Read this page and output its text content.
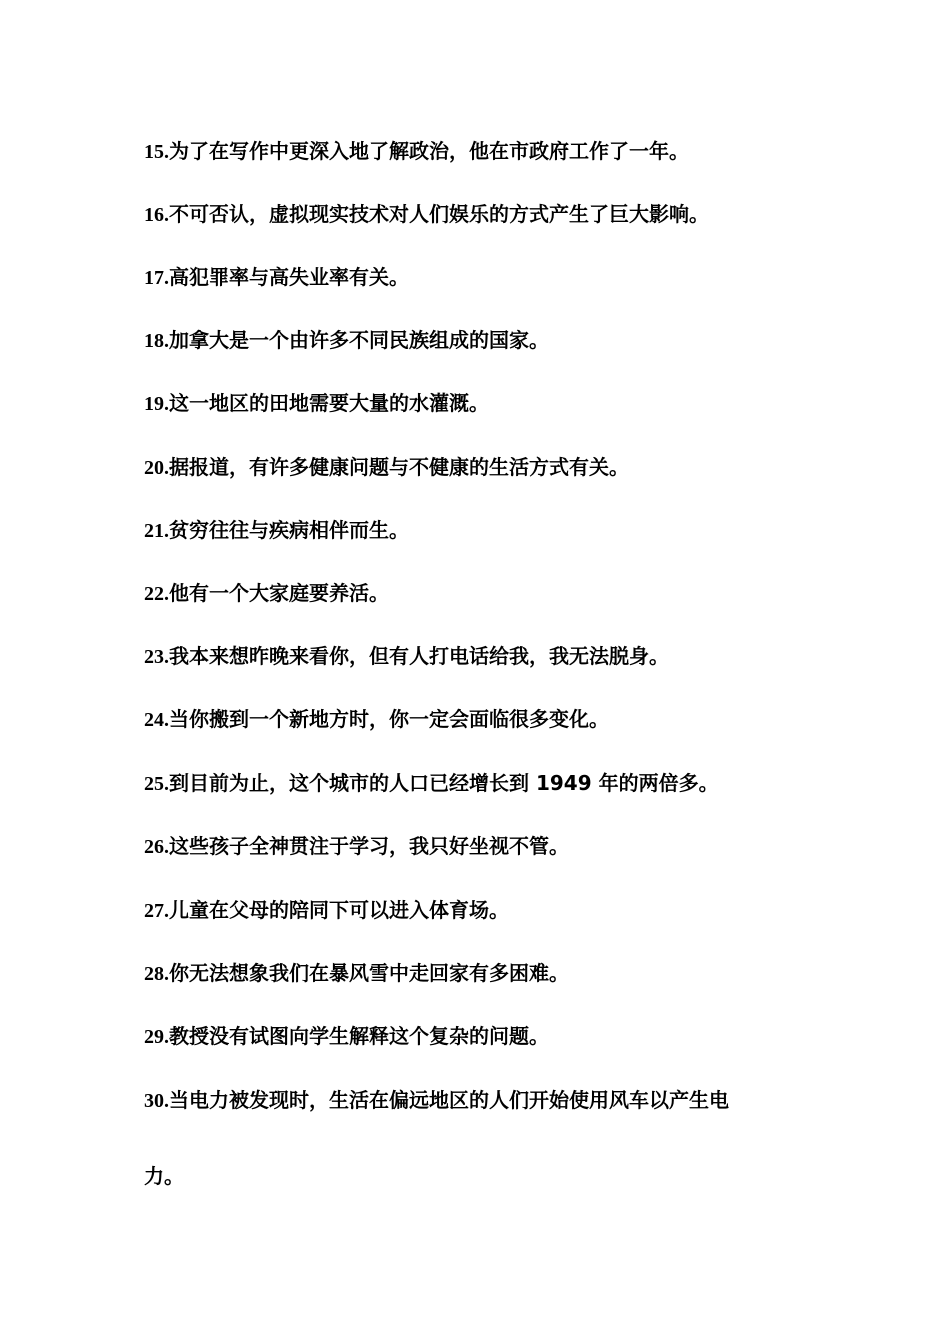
15.为了在写作中更深入地了解政治，他在市政府工作了一年。
16.不可否认，虚拟现实技术对人们娱乐的方式产生了巨大影响。
17.高犯罪率与高失业率有关。
18.加拿大是一个由许多不同民族组成的国家。
19.这一地区的田地需要大量的水灌溉。
20.据报道，有许多健康问题与不健康的生活方式有关。
21.贫穷往往与疾病相伴而生。
22.他有一个大家庭要养活。
23.我本来想昨晚来看你，但有人打电话给我，我无法脱身。
24.当你搬到一个新地方时，你一定会面临很多变化。
25.到目前为止，这个城市的人口已经增长到 1949 年的两倍多。
26.这些孩子全神贯注于学习，我只好坐视不管。
27.儿童在父母的陪同下可以进入体育场。
28.你无法想象我们在暴风雪中走回家有多困难。
29.教授没有试图向学生解释这个复杂的问题。
30.当电力被发现时，生活在偏远地区的人们开始使用风车以产生电
力。
